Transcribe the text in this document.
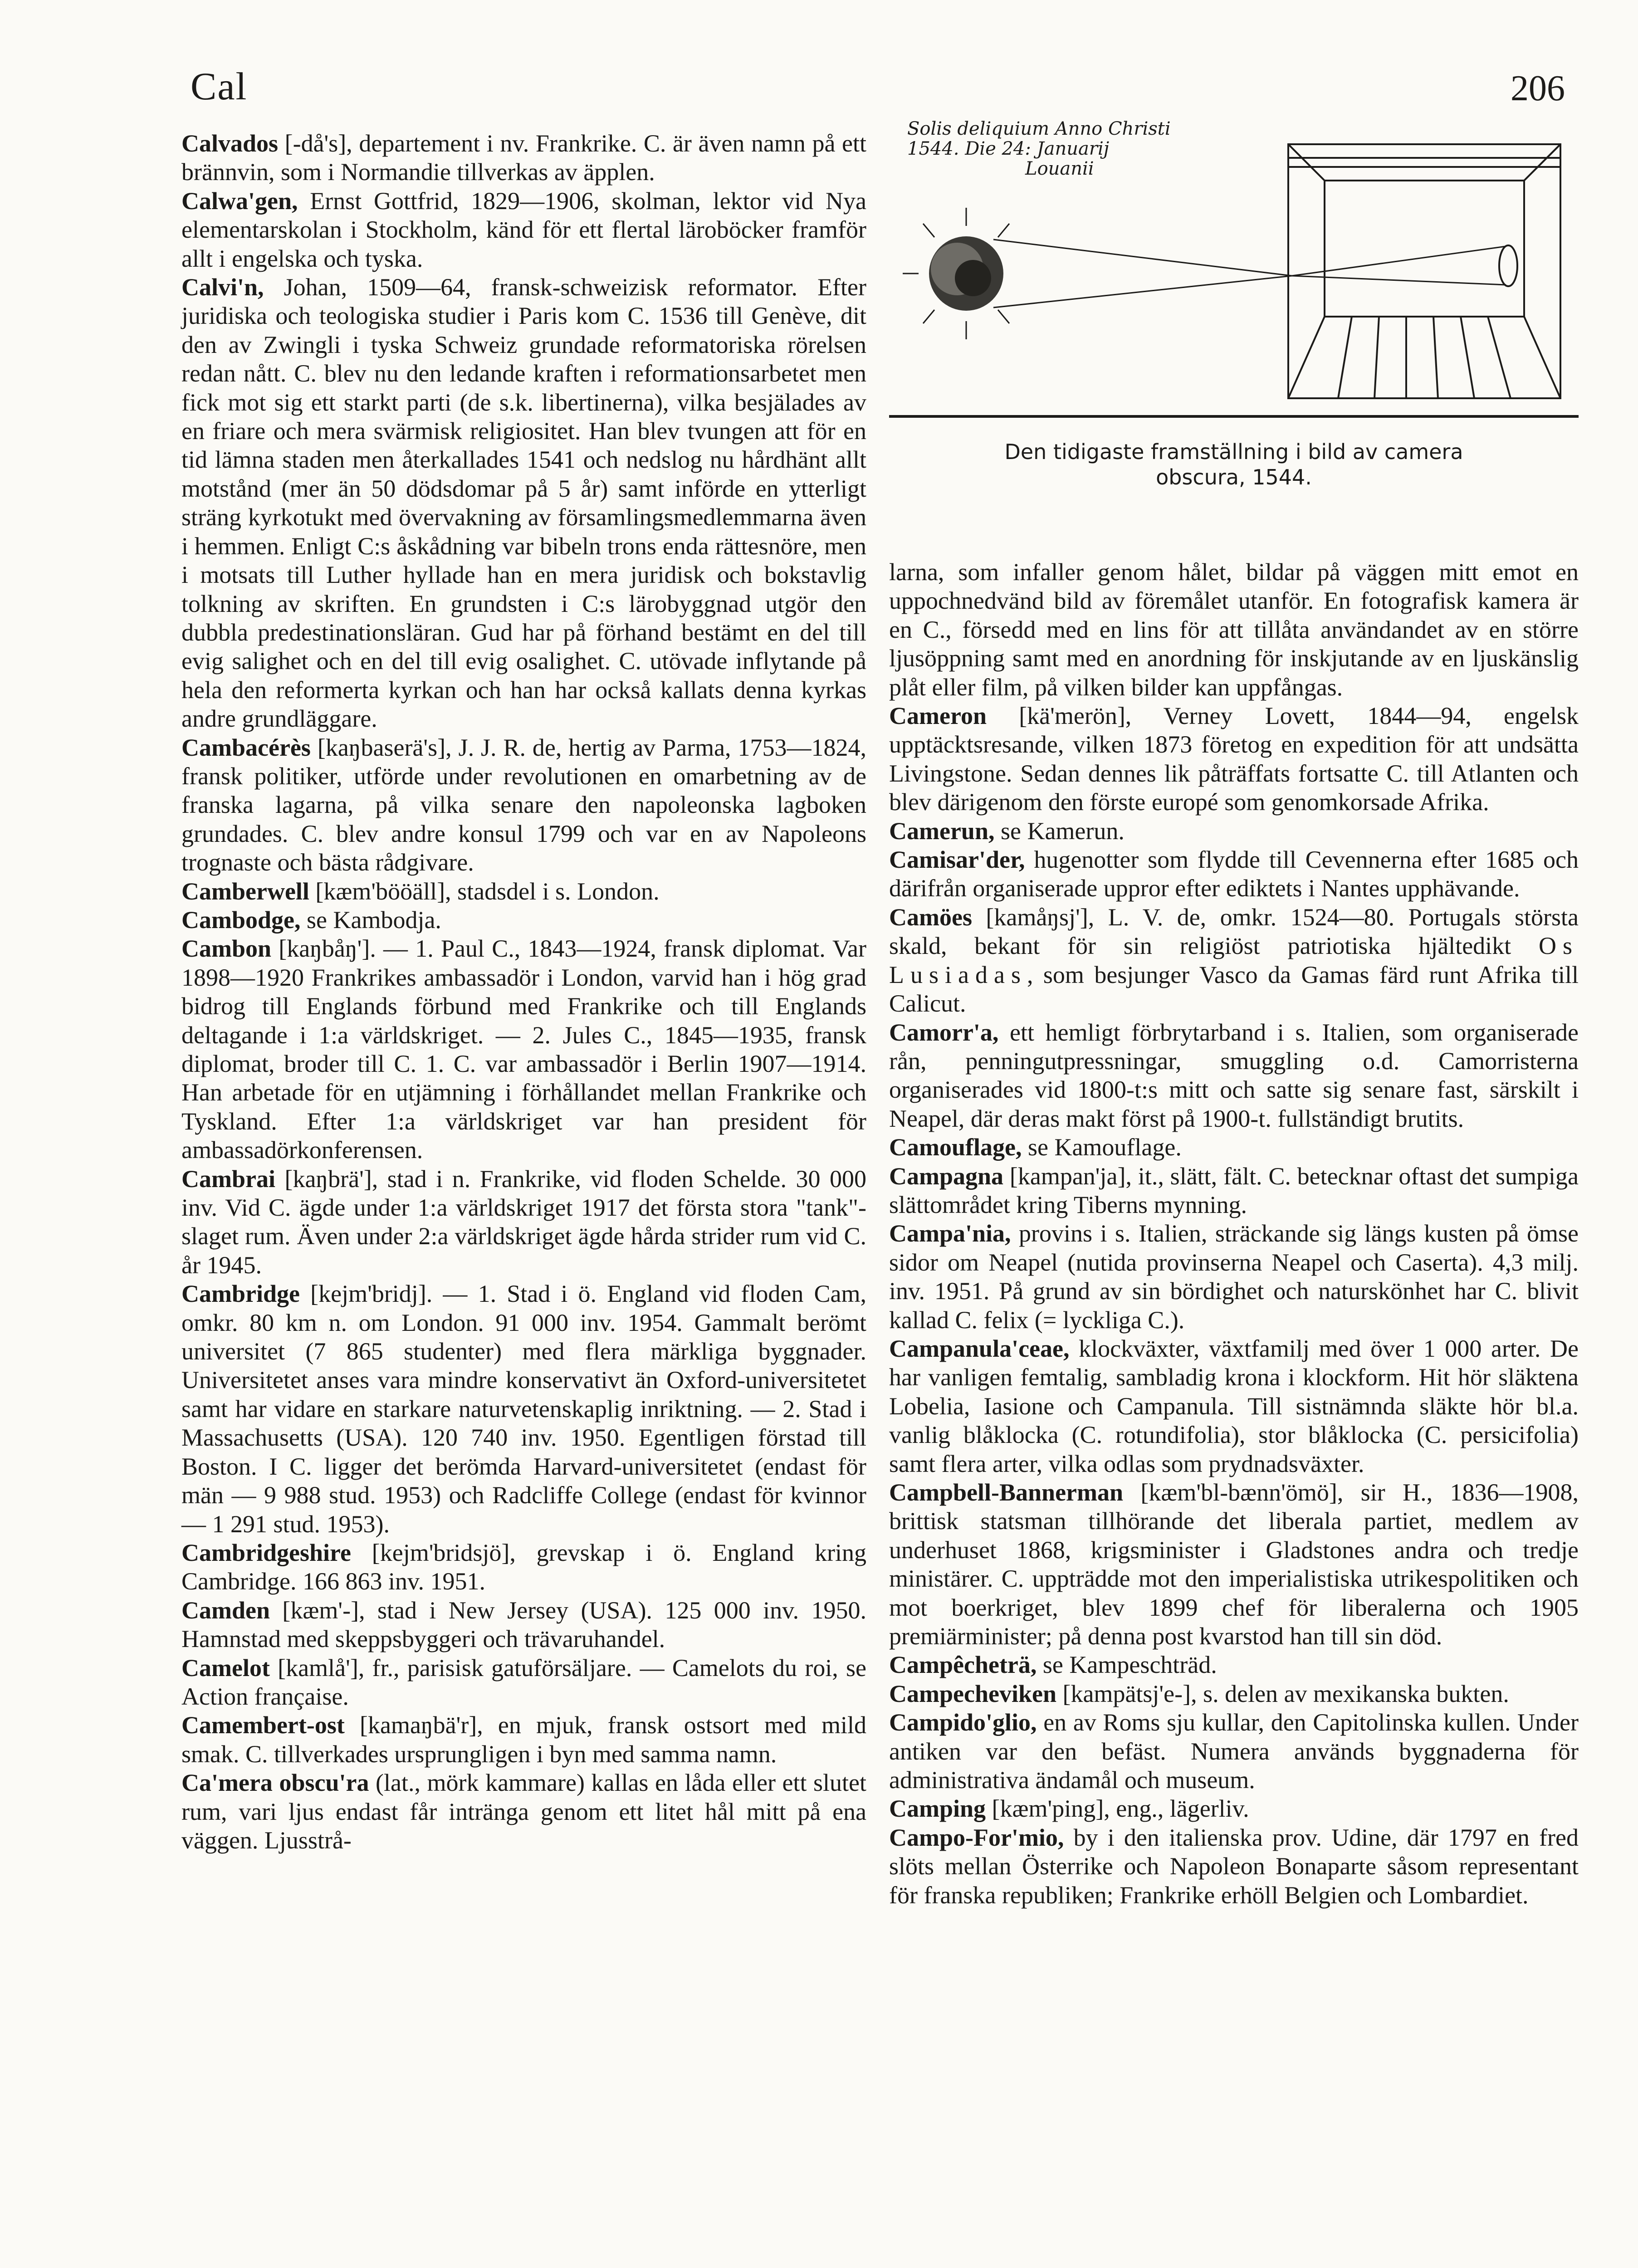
Cal	206

Calvados [-då's], departement i nv. Frankrike. C. är även namn på ett brännvin, som i Normandie tillverkas av äpplen.

Calwa'gen, Ernst Gottfrid, 1829—1906, skolman, lektor vid Nya elementarskolan i Stockholm, känd för ett flertal läroböcker framför allt i engelska och tyska.

Calvi'n, Johan, 1509—64, fransk-schweizisk reformator. Efter juridiska och teologiska studier i Paris kom C. 1536 till Genève, dit den av Zwingli i tyska Schweiz grundade reformatoriska rörelsen redan nått. C. blev nu den ledande kraften i reformationsarbetet men fick mot sig ett starkt parti (de s.k. libertinerna), vilka besjälades av en friare och mera svärmisk religiositet. Han blev tvungen att för en tid lämna staden men återkallades 1541 och nedslog nu hårdhänt allt motstånd (mer än 50 dödsdomar på 5 år) samt införde en ytterligt sträng kyrkotukt med övervakning av församlingsmedlemmarna även i hemmen. Enligt C:s åskådning var bibeln trons enda rättesnöre, men i motsats till Luther hyllade han en mera juridisk och bokstavlig tolkning av skriften. En grundsten i C:s lärobyggnad utgör den dubbla predestinationsläran. Gud har på förhand bestämt en del till evig salighet och en del till evig osalighet. C. utövade inflytande på hela den reformerta kyrkan och han har också kallats denna kyrkas andre grundläggare.

Cambacérès [kaŋbaserä's], J. J. R. de, hertig av Parma, 1753—1824, fransk politiker, utförde under revolutionen en omarbetning av de franska lagarna, på vilka senare den napoleonska lagboken grundades. C. blev andre konsul 1799 och var en av Napoleons trognaste och bästa rådgivare.

Camberwell [kæm'bööäll], stadsdel i s. London.

Cambodge, se Kambodja.

Cambon [kaŋbåŋ']. — 1. Paul C., 1843—1924, fransk diplomat. Var 1898—1920 Frankrikes ambassadör i London, varvid han i hög grad bidrog till Englands förbund med Frankrike och till Englands deltagande i 1:a världskriget. — 2. Jules C., 1845—1935, fransk diplomat, broder till C. 1. C. var ambassadör i Berlin 1907—1914. Han arbetade för en utjämning i förhållandet mellan Frankrike och Tyskland. Efter 1:a världskriget var han president för ambassadörkonferensen.

Cambrai [kaŋbrä'], stad i n. Frankrike, vid floden Schelde. 30 000 inv. Vid C. ägde under 1:a världskriget 1917 det första stora "tank"-slaget rum. Även under 2:a världskriget ägde hårda strider rum vid C. år 1945.

Cambridge [kejm'bridj]. — 1. Stad i ö. England vid floden Cam, omkr. 80 km n. om London. 91 000 inv. 1954. Gammalt berömt universitet (7 865 studenter) med flera märkliga byggnader. Universitetet anses vara mindre konservativt än Oxford-universitetet samt har vidare en starkare naturvetenskaplig inriktning. — 2. Stad i Massachusetts (USA). 120 740 inv. 1950. Egentligen förstad till Boston. I C. ligger det berömda Harvard-universitetet (endast för män — 9 988 stud. 1953) och Radcliffe College (endast för kvinnor — 1 291 stud. 1953).

Cambridgeshire [kejm'bridsjö], grevskap i ö. England kring Cambridge. 166 863 inv. 1951.

Camden [kæm'-], stad i New Jersey (USA). 125 000 inv. 1950. Hamnstad med skeppsbyggeri och trävaruhandel.

Camelot [kamlå'], fr., parisisk gatuförsäljare. — Camelots du roi, se Action française.

Camembert-ost [kamaŋbä'r], en mjuk, fransk ostsort med mild smak. C. tillverkades ursprungligen i byn med samma namn.

Ca'mera obscu'ra (lat., mörk kammare) kallas en låda eller ett slutet rum, vari ljus endast får intränga genom ett litet hål mitt på ena väggen. Ljusstrå-

Solis deliquium Anno Christi
1544. Die 24: Januarij
Louanii
Den tidigaste framställning i bild av camera
obscura, 1544.

larna, som infaller genom hålet, bildar på väggen mitt emot en uppochnedvänd bild av föremålet utanför. En fotografisk kamera är en C., försedd med en lins för att tillåta användandet av en större ljusöppning samt med en anordning för inskjutande av en ljuskänslig plåt eller film, på vilken bilder kan uppfångas.

Cameron [kä'merön], Verney Lovett, 1844—94, engelsk upptäcktsresande, vilken 1873 företog en expedition för att undsätta Livingstone. Sedan dennes lik påträffats fortsatte C. till Atlanten och blev därigenom den förste europé som genomkorsade Afrika.

Camerun, se Kamerun.

Camisar'der, hugenotter som flydde till Cevennerna efter 1685 och därifrån organiserade uppror efter ediktets i Nantes upphävande.

Camöes [kamåŋsj'], L. V. de, omkr. 1524—80. Portugals största skald, bekant för sin religiöst patriotiska hjältedikt Os Lusiadas, som besjunger Vasco da Gamas färd runt Afrika till Calicut.

Camorr'a, ett hemligt förbrytarband i s. Italien, som organiserade rån, penningutpressningar, smuggling o.d. Camorristerna organiserades vid 1800-t:s mitt och satte sig senare fast, särskilt i Neapel, där deras makt först på 1900-t. fullständigt brutits.

Camouflage, se Kamouflage.

Campagna [kampan'ja], it., slätt, fält. C. betecknar oftast det sumpiga slättområdet kring Tiberns mynning.

Campa'nia, provins i s. Italien, sträckande sig längs kusten på ömse sidor om Neapel (nutida provinserna Neapel och Caserta). 4,3 milj. inv. 1951. På grund av sin bördighet och naturskönhet har C. blivit kallad C. felix (= lyckliga C.).

Campanula'ceae, klockväxter, växtfamilj med över 1 000 arter. De har vanligen femtalig, sambladig krona i klockform. Hit hör släktena Lobelia, Iasione och Campanula. Till sistnämnda släkte hör bl.a. vanlig blåklocka (C. rotundifolia), stor blåklocka (C. persicifolia) samt flera arter, vilka odlas som prydnadsväxter.

Campbell-Bannerman [kæm'bl-bænn'ömö], sir H., 1836—1908, brittisk statsman tillhörande det liberala partiet, medlem av underhuset 1868, krigsminister i Gladstones andra och tredje ministärer. C. uppträdde mot den imperialistiska utrikespolitiken och mot boerkriget, blev 1899 chef för liberalerna och 1905 premiärminister; på denna post kvarstod han till sin död.

Campêcheträ, se Kampeschträd.

Campecheviken [kampätsj'e-], s. delen av mexikanska bukten.

Campido'glio, en av Roms sju kullar, den Capitolinska kullen. Under antiken var den befäst. Numera används byggnaderna för administrativa ändamål och museum.

Camping [kæm'ping], eng., lägerliv.

Campo-For'mio, by i den italienska prov. Udine, där 1797 en fred slöts mellan Österrike och Napoleon Bonaparte såsom representant för franska republiken; Frankrike erhöll Belgien och Lombardiet.
